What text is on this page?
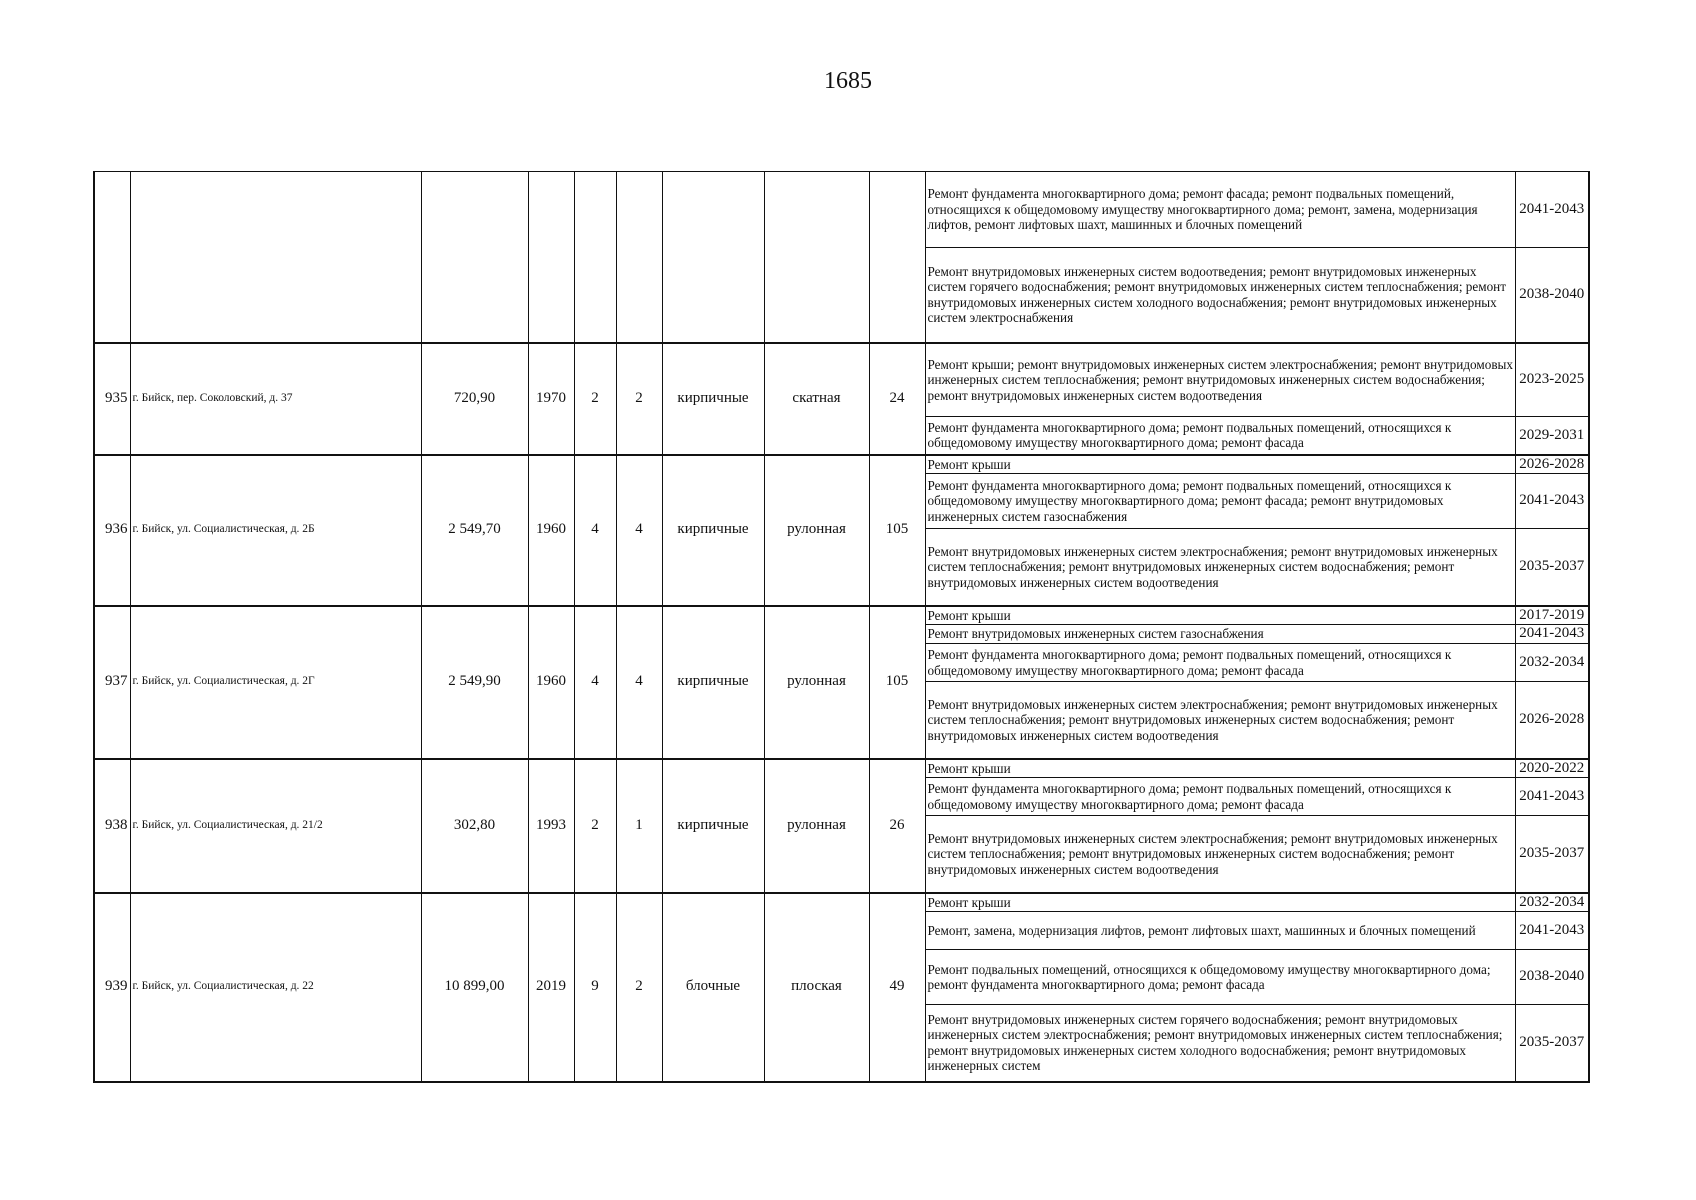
1685
									Ремонт фундамента многоквартирного дома; ремонт фасада; ремонт подвальных помещений, относящихся к общедомовому имуществу многоквартирного дома; ремонт, замена, модернизация лифтов, ремонт лифтовых шахт, машинных и блочных помещений	2041-2043
									Ремонт внутридомовых инженерных систем водоотведения; ремонт внутридомовых инженерных систем горячего водоснабжения; ремонт внутридомовых инженерных систем теплоснабжения; ремонт внутридомовых инженерных систем холодного водоснабжения; ремонт внутридомовых инженерных систем электроснабжения	2038-2040
935	г. Бийск, пер. Соколовский, д. 37	720,90	1970	2	2	кирпичные	скатная	24	Ремонт крыши; ремонт внутридомовых инженерных систем электроснабжения; ремонт внутридомовых инженерных систем теплоснабжения; ремонт внутридомовых инженерных систем водоснабжения; ремонт внутридомовых инженерных систем водоотведения	2023-2025
									Ремонт фундамента многоквартирного дома; ремонт подвальных помещений, относящихся к общедомовому имуществу многоквартирного дома; ремонт фасада	2029-2031
936	г. Бийск, ул. Социалистическая, д. 2Б	2 549,70	1960	4	4	кирпичные	рулонная	105	Ремонт крыши	2026-2028
									Ремонт фундамента многоквартирного дома; ремонт подвальных помещений, относящихся к общедомовому имуществу многоквартирного дома; ремонт фасада; ремонт внутридомовых инженерных систем газоснабжения	2041-2043
									Ремонт внутридомовых инженерных систем электроснабжения; ремонт внутридомовых инженерных систем теплоснабжения; ремонт внутридомовых инженерных систем водоснабжения; ремонт внутридомовых инженерных систем водоотведения	2035-2037
937	г. Бийск, ул. Социалистическая, д. 2Г	2 549,90	1960	4	4	кирпичные	рулонная	105	Ремонт крыши	2017-2019
									Ремонт внутридомовых инженерных систем газоснабжения	2041-2043
									Ремонт фундамента многоквартирного дома; ремонт подвальных помещений, относящихся к общедомовому имуществу многоквартирного дома; ремонт фасада	2032-2034
									Ремонт внутридомовых инженерных систем электроснабжения; ремонт внутридомовых инженерных систем теплоснабжения; ремонт внутридомовых инженерных систем водоснабжения; ремонт внутридомовых инженерных систем водоотведения	2026-2028
938	г. Бийск, ул. Социалистическая, д. 21/2	302,80	1993	2	1	кирпичные	рулонная	26	Ремонт крыши	2020-2022
									Ремонт фундамента многоквартирного дома; ремонт подвальных помещений, относящихся к общедомовому имуществу многоквартирного дома; ремонт фасада	2041-2043
									Ремонт внутридомовых инженерных систем электроснабжения; ремонт внутридомовых инженерных систем теплоснабжения; ремонт внутридомовых инженерных систем водоснабжения; ремонт внутридомовых инженерных систем водоотведения	2035-2037
939	г. Бийск, ул. Социалистическая, д. 22	10 899,00	2019	9	2	блочные	плоская	49	Ремонт крыши	2032-2034
									Ремонт, замена, модернизация лифтов, ремонт лифтовых шахт, машинных и блочных помещений	2041-2043
									Ремонт подвальных помещений, относящихся к общедомовому имуществу многоквартирного дома; ремонт фундамента многоквартирного дома; ремонт фасада	2038-2040
									Ремонт внутридомовых инженерных систем горячего водоснабжения; ремонт внутридомовых инженерных систем электроснабжения; ремонт внутридомовых инженерных систем теплоснабжения; ремонт внутридомовых инженерных систем холодного водоснабжения; ремонт внутридомовых инженерных систем	2035-2037
